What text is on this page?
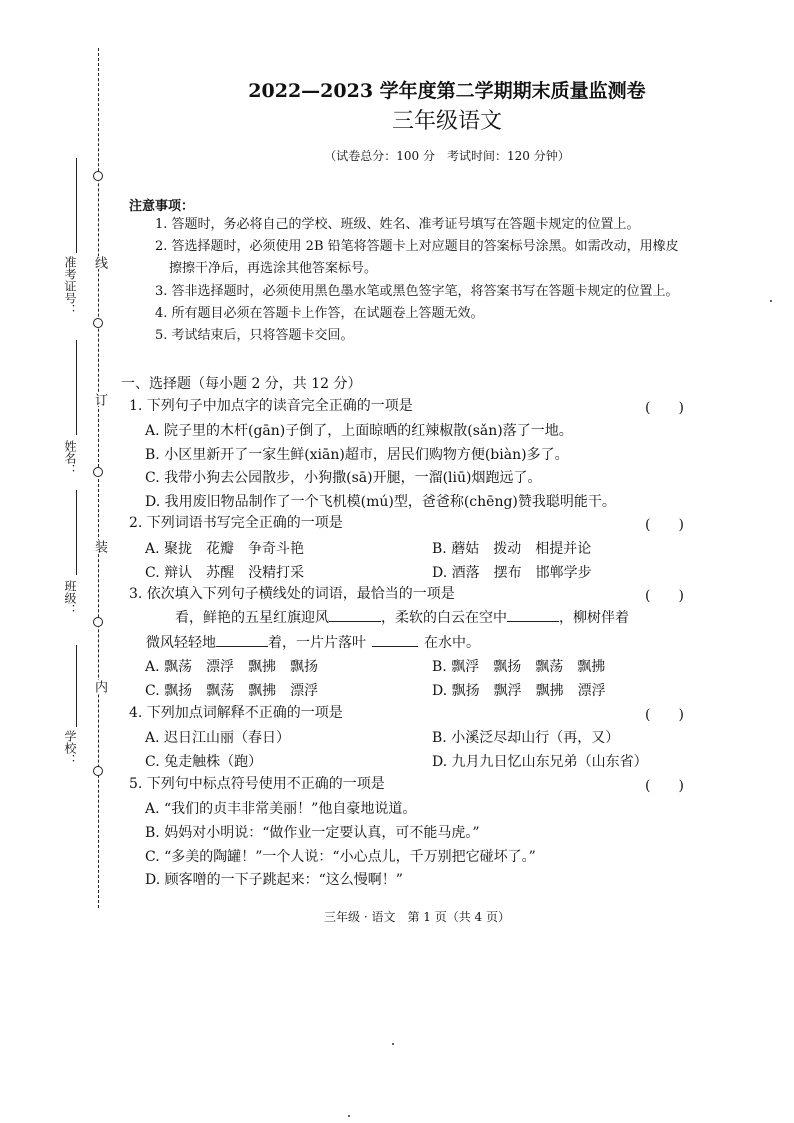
线
订
装
内
准考证号：
姓名：
班级：
学校：
2022—2023 学年度第二学期期末质量监测卷
三年级语文
（试卷总分：100 分　考试时间：120 分钟）
注意事项：
1. 答题时，务必将自己的学校、班级、姓名、准考证号填写在答题卡规定的位置上。
2. 答选择题时，必须使用 2B 铅笔将答题卡上对应题目的答案标号涂黑。如需改动，用橡皮
擦擦干净后，再选涂其他答案标号。
3. 答非选择题时，必须使用黑色墨水笔或黑色签字笔，将答案书写在答题卡规定的位置上。
4. 所有题目必须在答题卡上作答，在试题卷上答题无效。
5. 考试结束后，只将答题卡交回。
一、选择题（每小题 2 分，共 12 分）
1. 下列句子中加点字的读音完全正确的一项是	(　　)
A. 院子里的木杆(gān)子倒了，上面晾晒的红辣椒散(sǎn)落了一地。
B. 小区里新开了一家生鲜(xiān)超市，居民们购物方便(biàn)多了。
C. 我带小狗去公园散步，小狗撒(sā)开腿，一溜(liū)烟跑远了。
D. 我用废旧物品制作了一个飞机模(mú)型，爸爸称(chēng)赞我聪明能干。
2. 下列词语书写完全正确的一项是	(　　)
A. 聚拢　花瓣　争奇斗艳	B. 蘑姑　拨动　相提并论
C. 辩认　苏醒　没精打采	D. 酒落　摆布　邯郸学步
3. 依次填入下列句子横线处的词语，最恰当的一项是	(　　)
看，鲜艳的五星红旗迎风	，柔软的白云在空中	，柳树伴着
微风轻轻地	着，一片片落叶	在水中。
A. 飘荡　漂浮　飘拂　飘扬	B. 飘浮　飘扬　飘荡　飘拂
C. 飘扬　飘荡　飘拂　漂浮	D. 飘扬　飘浮　飘拂　漂浮
4. 下列加点词解释不正确的一项是	(　　)
A. 迟日江山丽（春日）	B. 小溪泛尽却山行（再，又）
C. 兔走触株（跑）	D. 九月九日忆山东兄弟（山东省）
5. 下列句中标点符号使用不正确的一项是	(　　)
A. “我们的贞丰非常美丽！”他自豪地说道。
B. 妈妈对小明说：“做作业一定要认真，可不能马虎。”
C. “多美的陶罐！”一个人说：“小心点儿，千万别把它碰坏了。”
D. 顾客噌的一下子跳起来：“这么慢啊！”
三年级 · 语文　第 1 页（共 4 页）
